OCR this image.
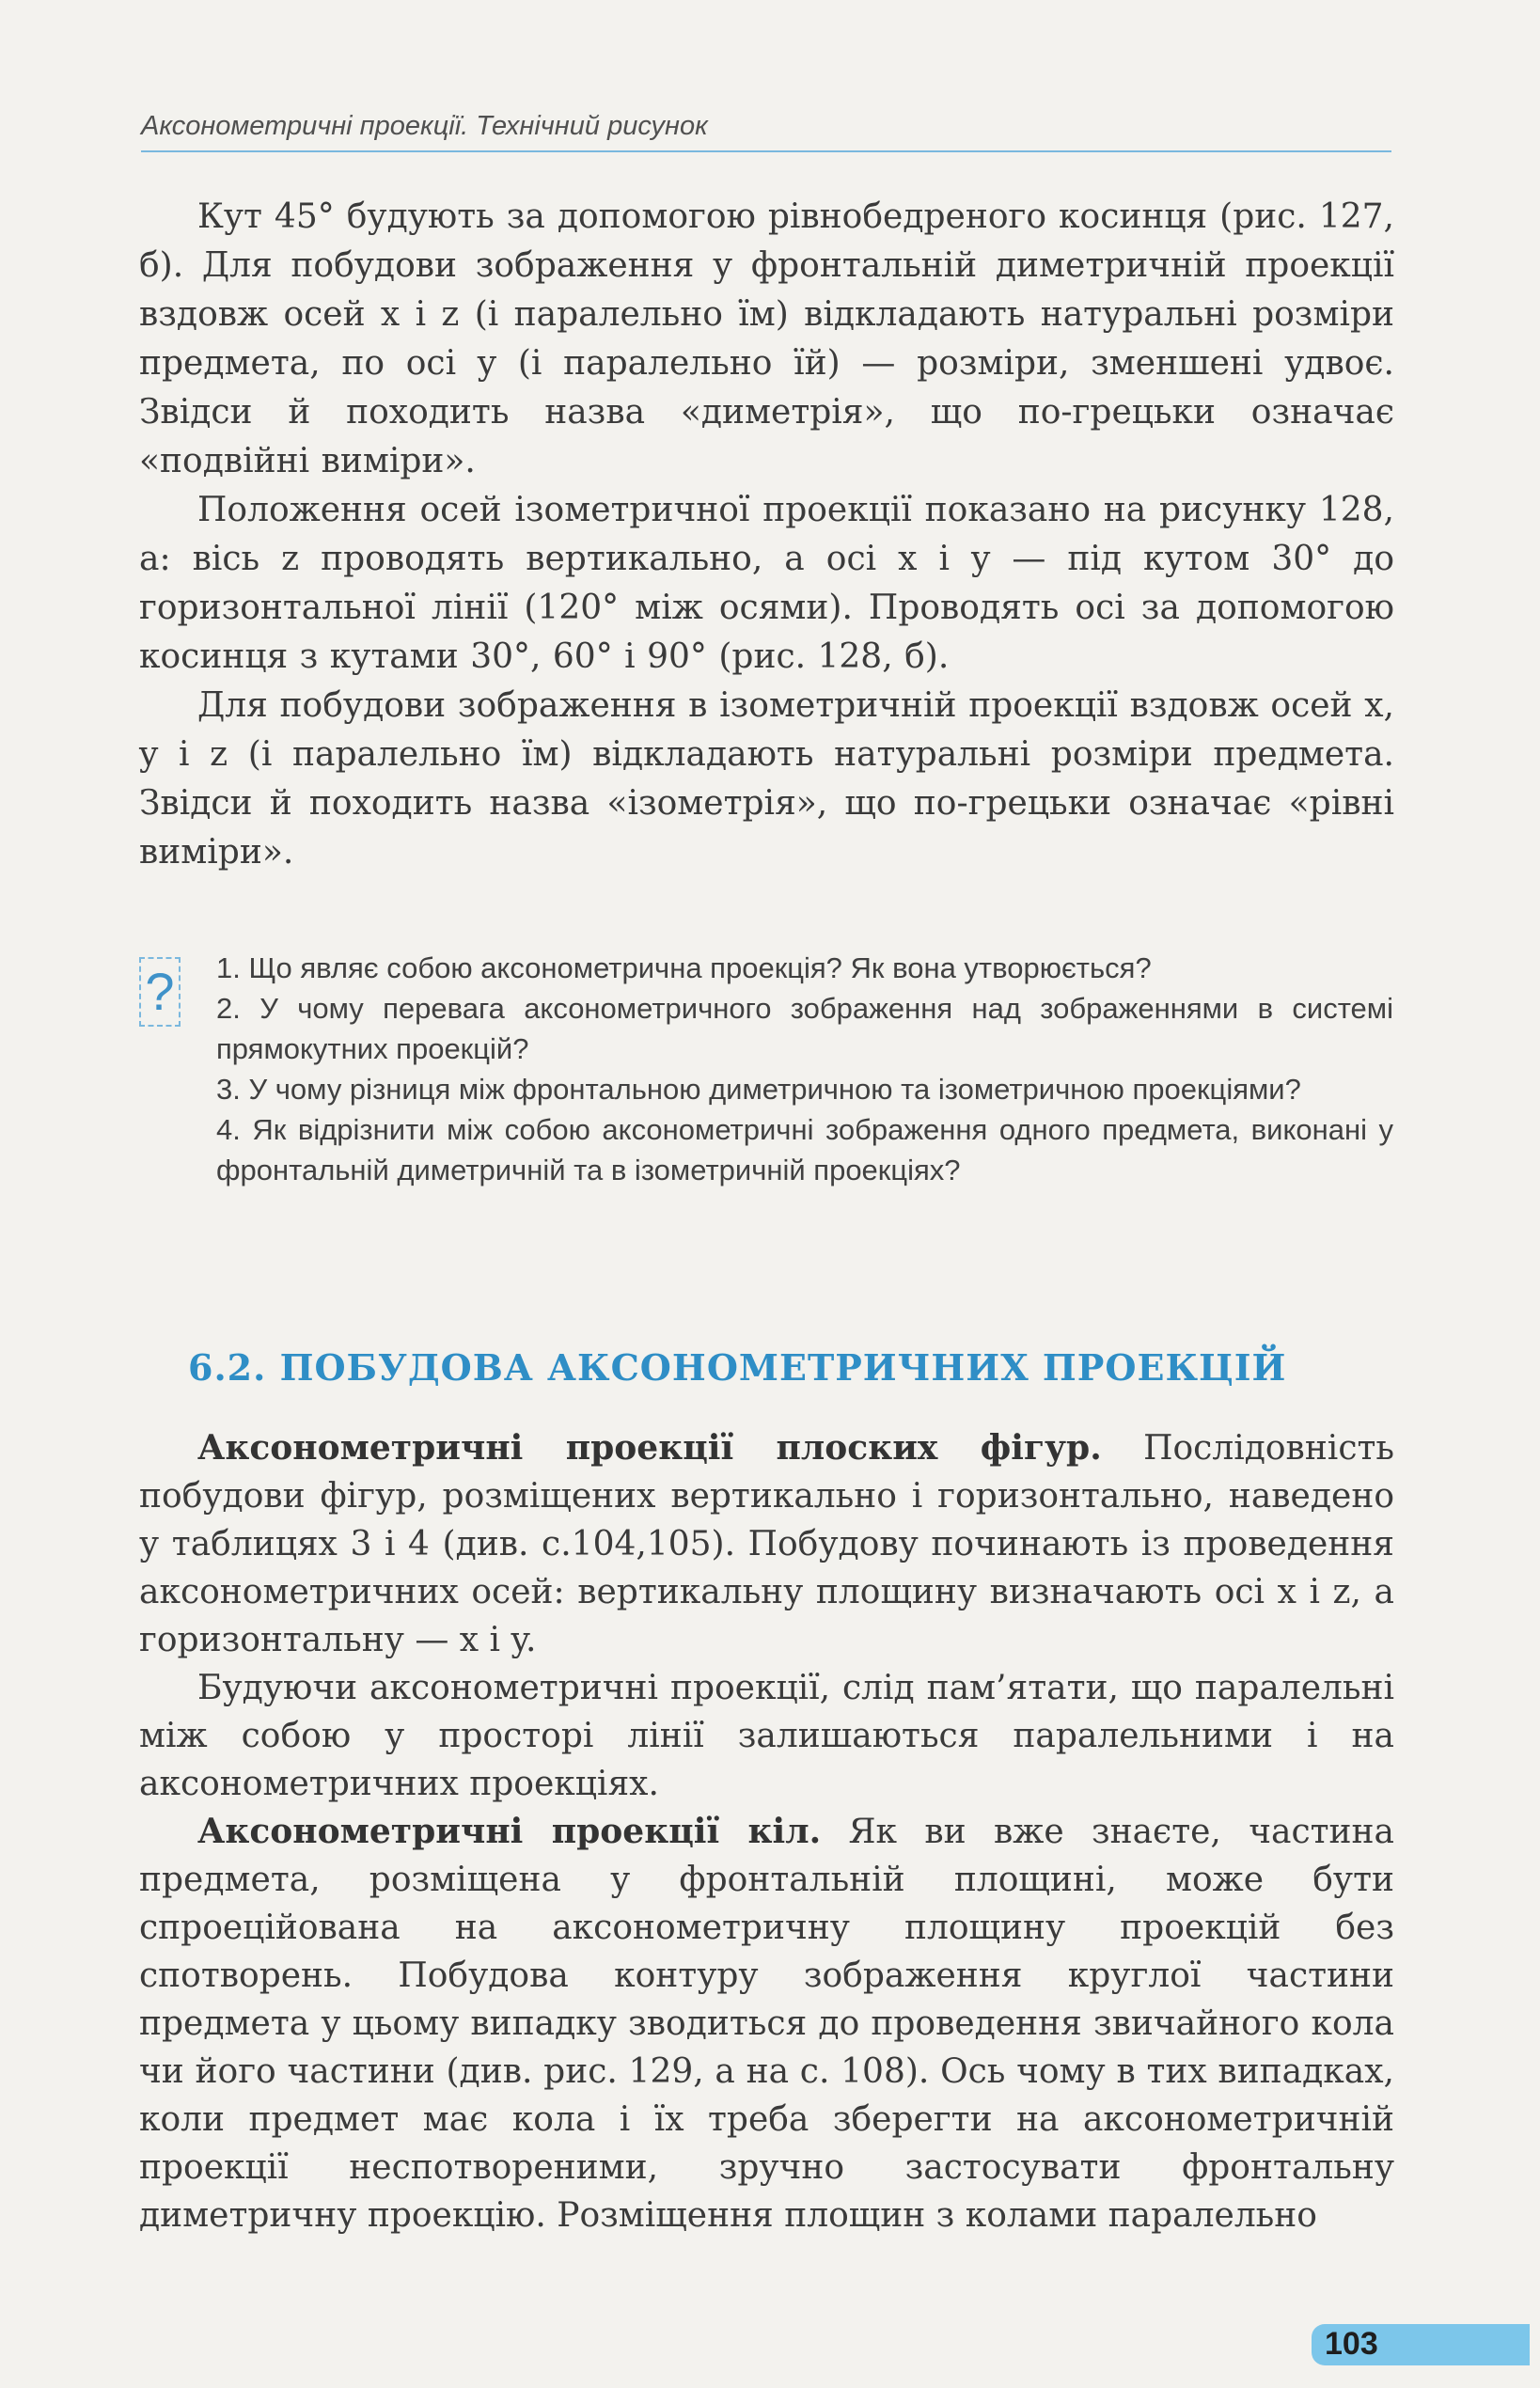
Аксонометричні проекції. Технічний рисунок

Кут 45° будують за допомогою рівнобедреного косинця (рис. 127, б). Для побудови зображення у фронтальній диметричній проекції вздовж осей x і z (і паралельно їм) відкладають натуральні розміри предмета, по осі y (і паралельно їй) — розміри, зменшені удвоє. Звідси й походить назва «диметрія», що по-грецьки означає «подвійні виміри».

Положення осей ізометричної проекції показано на рисунку 128, а: вісь z проводять вертикально, а осі x і y — під кутом 30° до горизонтальної лінії (120° між осями). Проводять осі за допомогою косинця з кутами 30°, 60° і 90° (рис. 128, б).

Для побудови зображення в ізометричній проекції вздовж осей x, y і z (і паралельно їм) відкладають натуральні розміри предмета. Звідси й походить назва «ізометрія», що по-грецьки означає «рівні виміри».

? 1. Що являє собою аксонометрична проекція? Як вона утворюється?
2. У чому перевага аксонометричного зображення над зображеннями в системі прямокутних проекцій?
3. У чому різниця між фронтальною диметричною та ізометричною проекціями?
4. Як відрізнити між собою аксонометричні зображення одного предмета, виконані у фронтальній диметричній та в ізометричній проекціях?
6.2. ПОБУДОВА АКСОНОМЕТРИЧНИХ ПРОЕКЦІЙ

Аксонометричні проекції плоских фігур. Послідовність побудови фігур, розміщених вертикально і горизонтально, наведено у таблицях 3 і 4 (див. с.104,105). Побудову починають із проведення аксонометричних осей: вертикальну площину визначають осі x і z, а горизонтальну — x і y.

Будуючи аксонометричні проекції, слід пам’ятати, що паралельні між собою у просторі лінії залишаються паралельними і на аксонометричних проекціях.

Аксонометричні проекції кіл. Як ви вже знаєте, частина предмета, розміщена у фронтальній площині, може бути спроеційована на аксонометричну площину проекцій без спотворень. Побудова контуру зображення круглої частини предмета у цьому випадку зводиться до проведення звичайного кола чи його частини (див. рис. 129, а на с. 108). Ось чому в тих випадках, коли предмет має кола і їх треба зберегти на аксонометричній проекції неспотвореними, зручно застосувати фронтальну диметричну проекцію. Розміщення площин з колами паралельно

103
